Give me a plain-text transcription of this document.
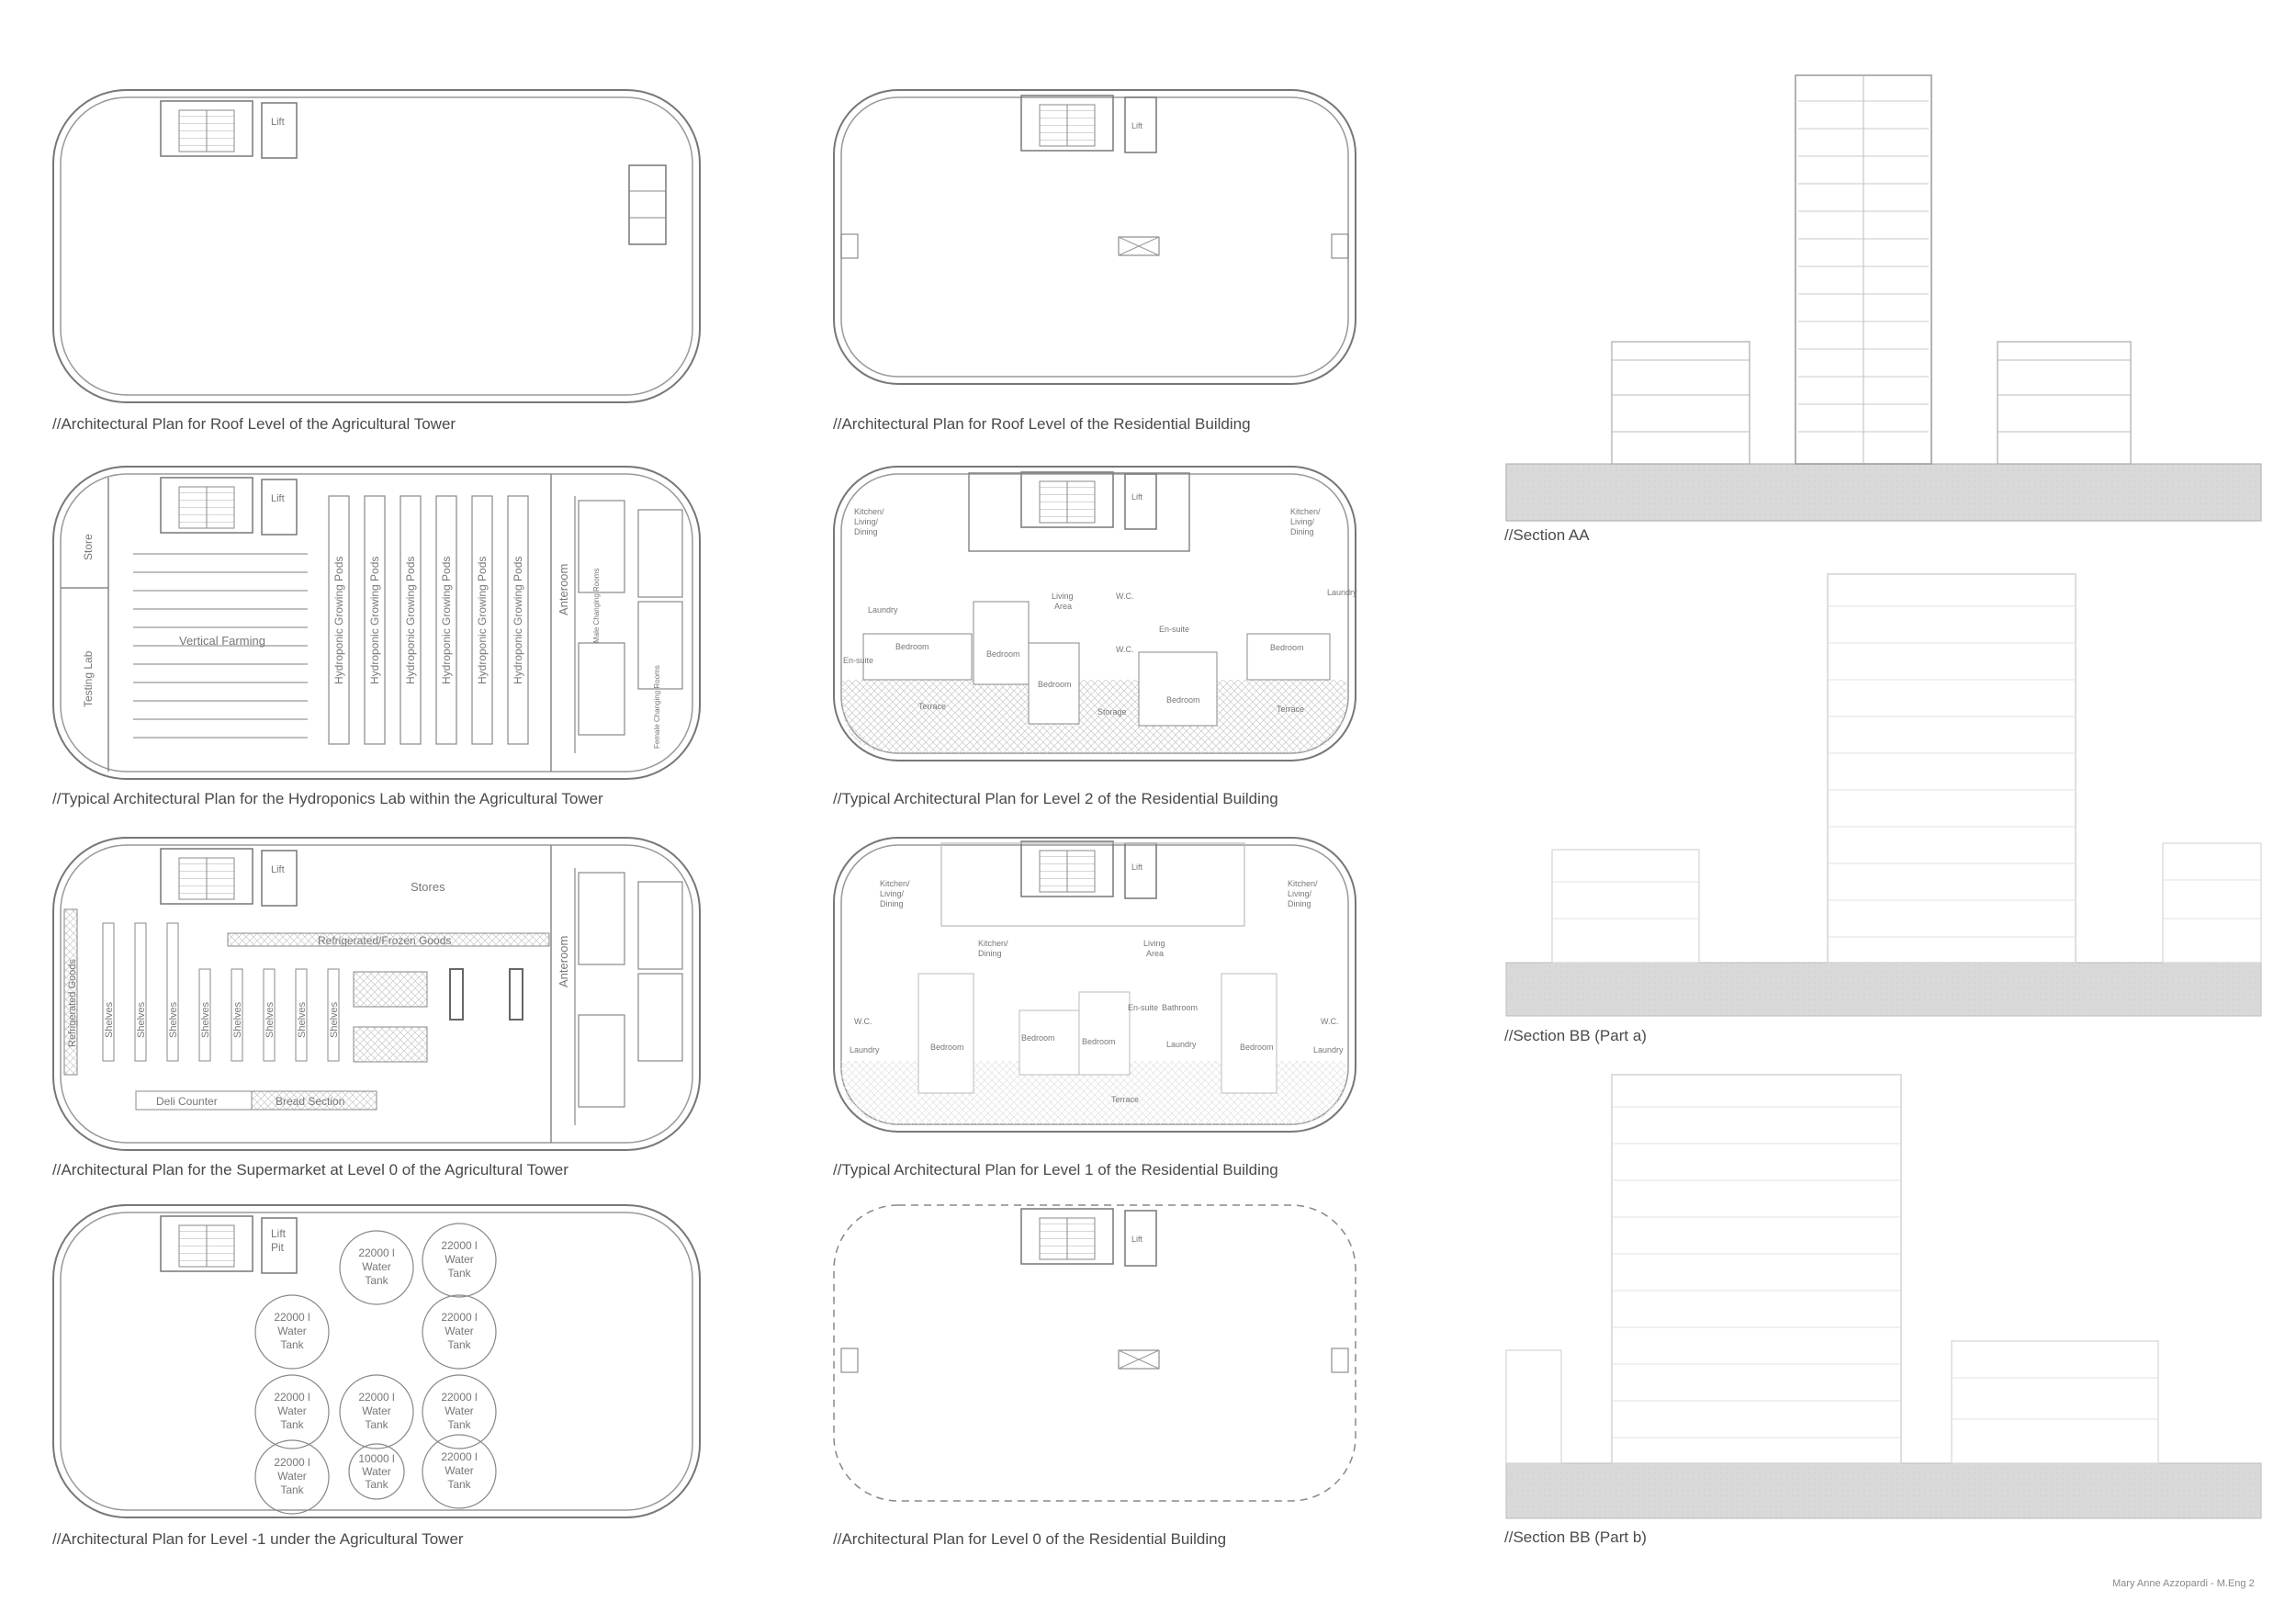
Lift
Lift
Store
Testing Lab
Vertical Farming	Hydroponic Growing Pods Hydroponic Growing Pods Hydroponic Growing Pods Hydroponic Growing Pods Hydroponic Growing Pods Hydroponic Growing Pods	Anteroom	Male Changing Rooms
Female Changing Rooms
Lift
Stores
Refrigerated/Frozen Goods
Refrigerated Goods	Shelves Shelves Shelves Shelves Shelves Shelves Shelves Shelves
Deli Counter	Bread Section
Anteroom
Lift
Pit	22000 l
Water
Tank
22000 l
Water
Tank
22000 l
Water
Tank
22000 l
Water
Tank
22000 l
Water
Tank
22000 l
Water
Tank
22000 l
Water
Tank
22000 l
Water
Tank
10000 l
Water
Tank
22000 l
Water
Tank
Lift
Lift
Kitchen/
Living/
Dining
Kitchen/
Living/
Dining
Living
Area
W.C.
W.C.
Laundry
Laundry
En-suite
En-suite
Bedroom
Bedroom
Bedroom
Bedroom
Bedroom
Storage
Terrace	Terrace
Lift
Kitchen/
Living/
Dining
Kitchen/
Living/
Dining
Kitchen/
Dining
Living
Area
W.C.	W.C.
Laundry	Laundry
Bedroom
Bedroom	Bedroom
Bedroom
En-suite Bathroom
Laundry
Terrace
Lift
//Architectural Plan for Roof Level of the Agricultural Tower	//Architectural Plan for Roof Level of the Residential Building
//Section AA
//Typical Architectural Plan for the Hydroponics Lab within the Agricultural Tower	//Typical Architectural Plan for Level 2 of the Residential Building
//Section BB (Part a)
//Architectural Plan for the Supermarket at Level 0 of the Agricultural Tower	//Typical Architectural Plan for Level 1 of the Residential Building
//Section BB (Part b)
//Architectural Plan for Level -1 under the Agricultural Tower	//Architectural Plan for Level 0 of the Residential Building
Mary Anne Azzopardi - M.Eng 2
